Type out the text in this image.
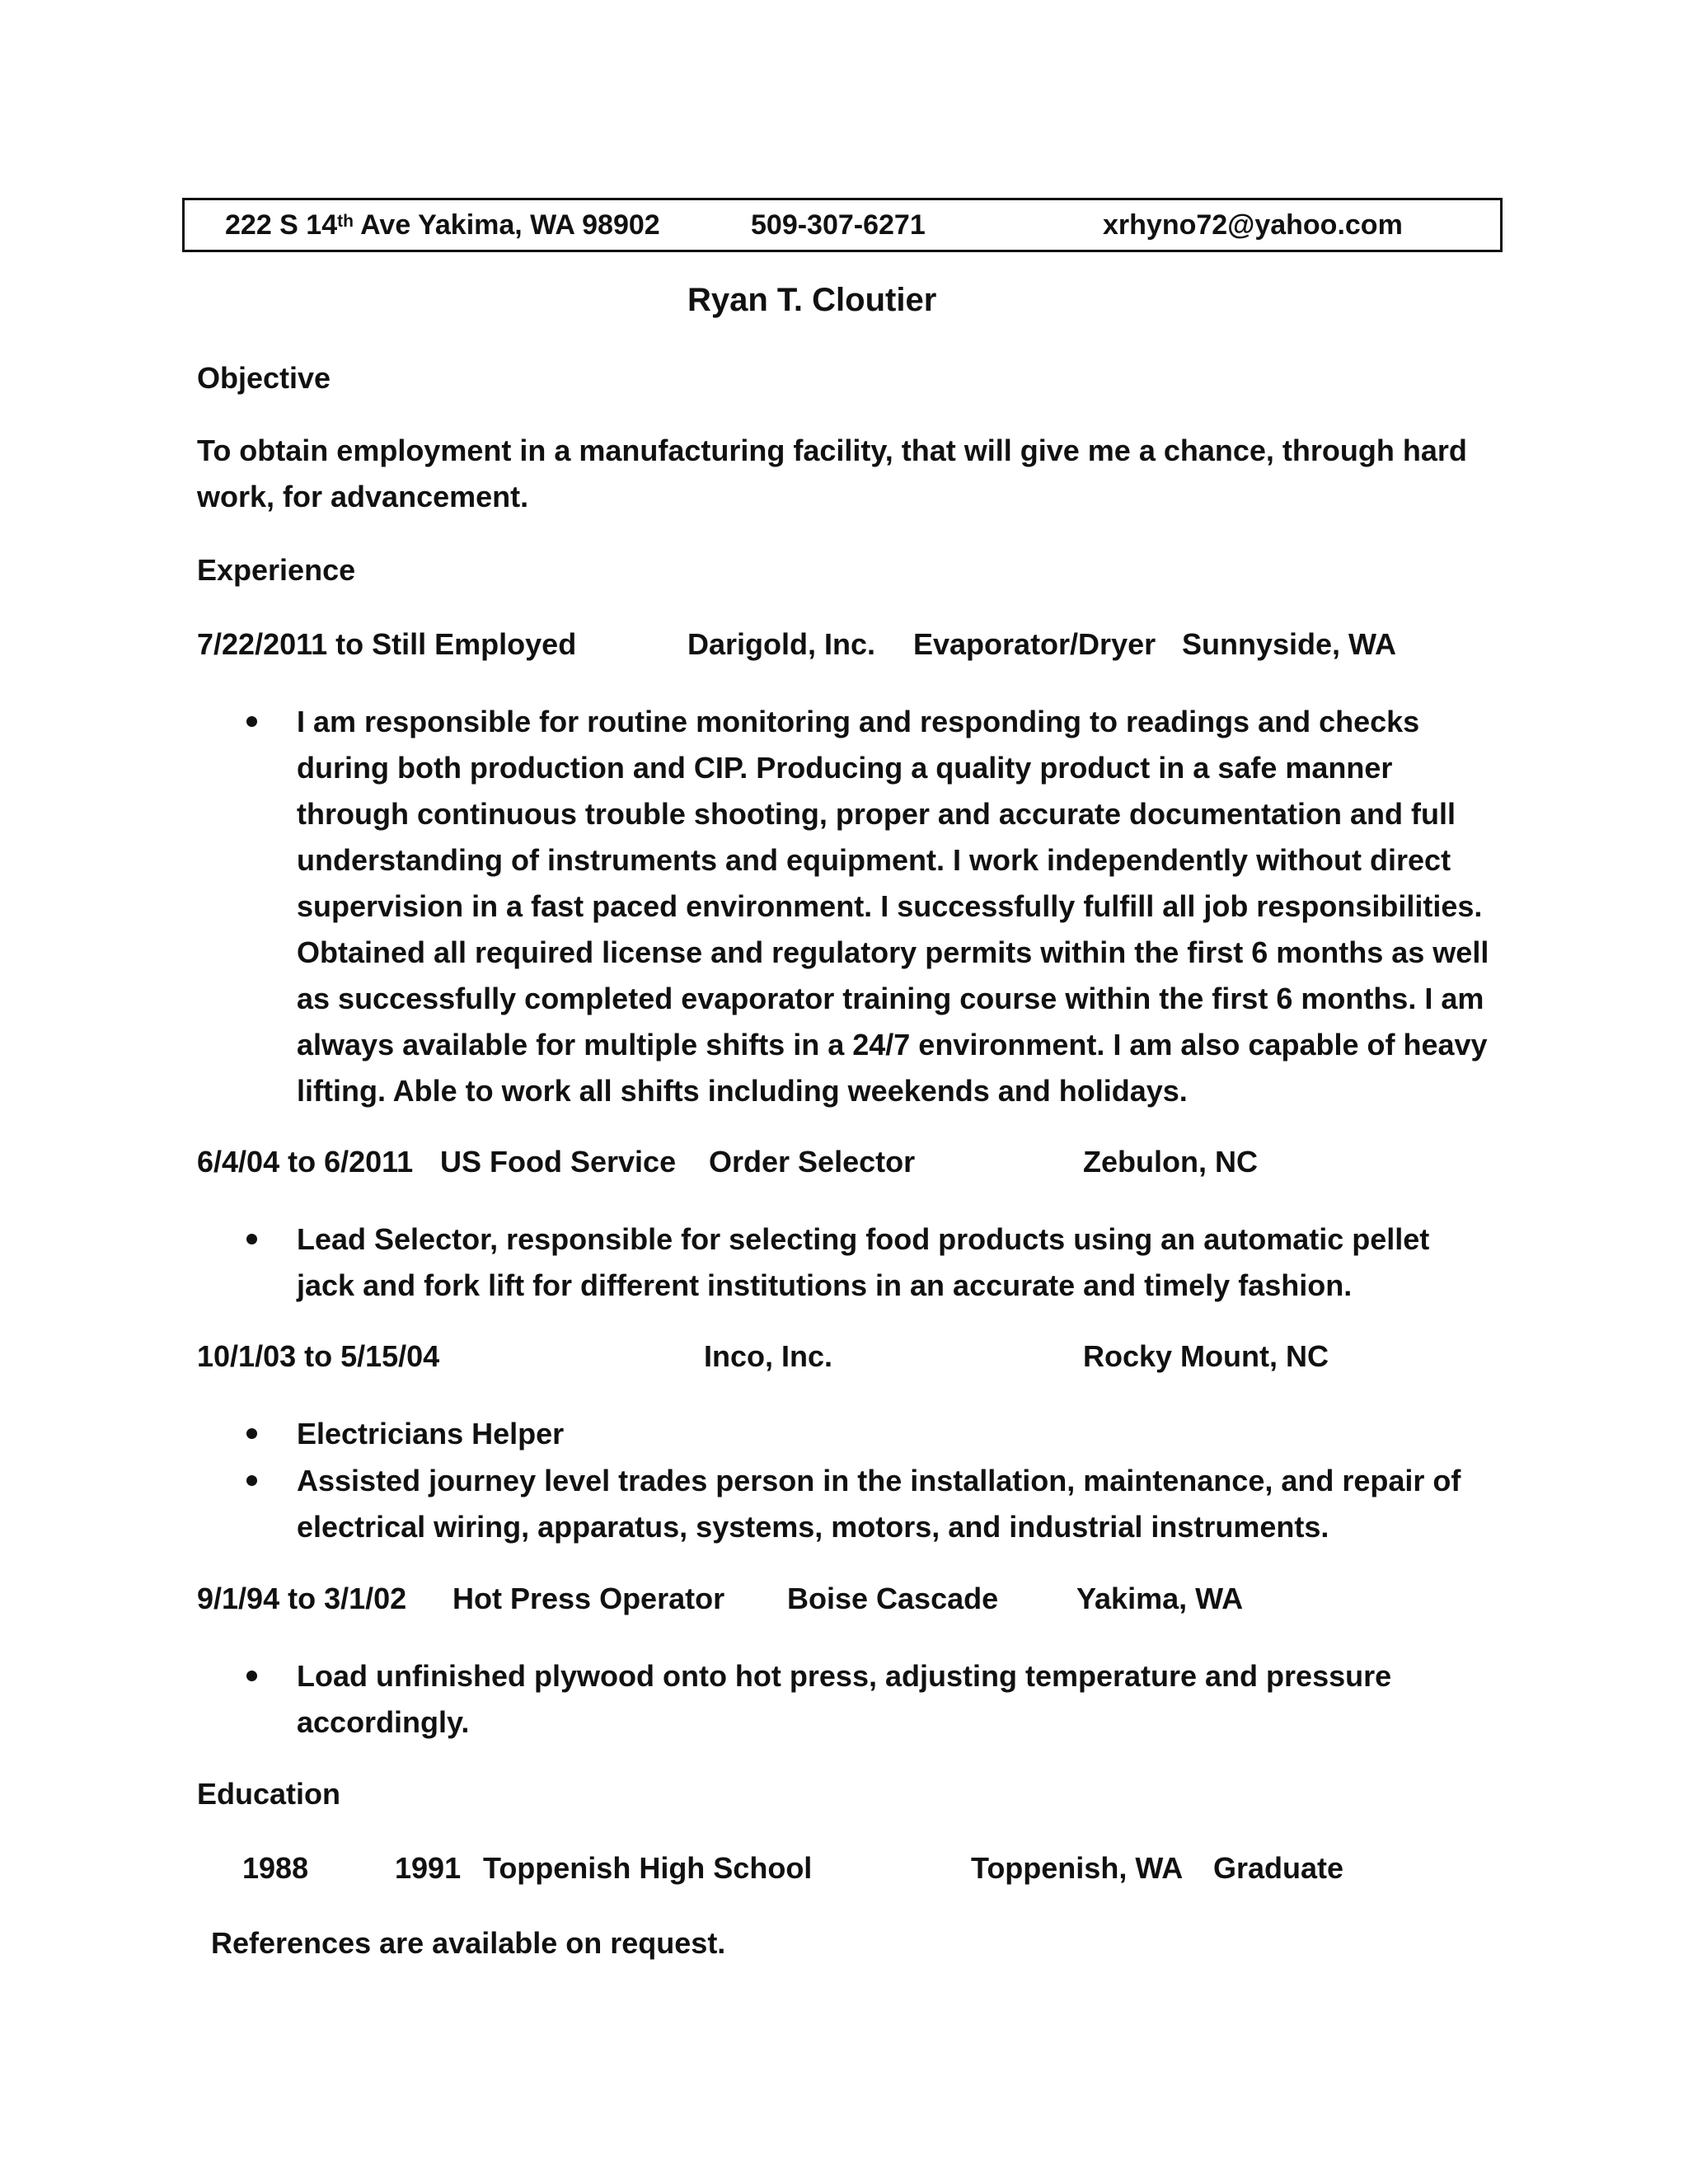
222 S 14th Ave Yakima, WA 98902	509-307-6271	xrhyno72@yahoo.com
Ryan T. Cloutier
Objective
To obtain employment in a manufacturing facility, that will give me a chance, through hard work, for advancement.
Experience
7/22/2011 to Still Employed	Darigold, Inc. Evaporator/Dryer Sunnyside, WA
I am responsible for routine monitoring and responding to readings and checks during both production and CIP. Producing a quality product in a safe manner through continuous trouble shooting, proper and accurate documentation and full understanding of instruments and equipment. I work independently without direct supervision in a fast paced environment. I successfully fulfill all job responsibilities. Obtained all required license and regulatory permits within the first 6 months as well as successfully completed evaporator training course within the first 6 months. I am always available for multiple shifts in a 24/7 environment. I am also capable of heavy lifting. Able to work all shifts including weekends and holidays.
6/4/04 to 6/2011 US Food Service Order Selector	Zebulon, NC
Lead Selector, responsible for selecting food products using an automatic pellet jack and fork lift for different institutions in an accurate and timely fashion.
10/1/03 to 5/15/04	Inco, Inc.	Rocky Mount, NC
Electricians Helper
Assisted journey level trades person in the installation, maintenance, and repair of electrical wiring, apparatus, systems, motors, and industrial instruments.
9/1/94 to 3/1/02 Hot Press Operator Boise Cascade	Yakima, WA
Load unfinished plywood onto hot press, adjusting temperature and pressure accordingly.
Education
1988	1991 Toppenish High School	Toppenish, WA Graduate
References are available on request.
